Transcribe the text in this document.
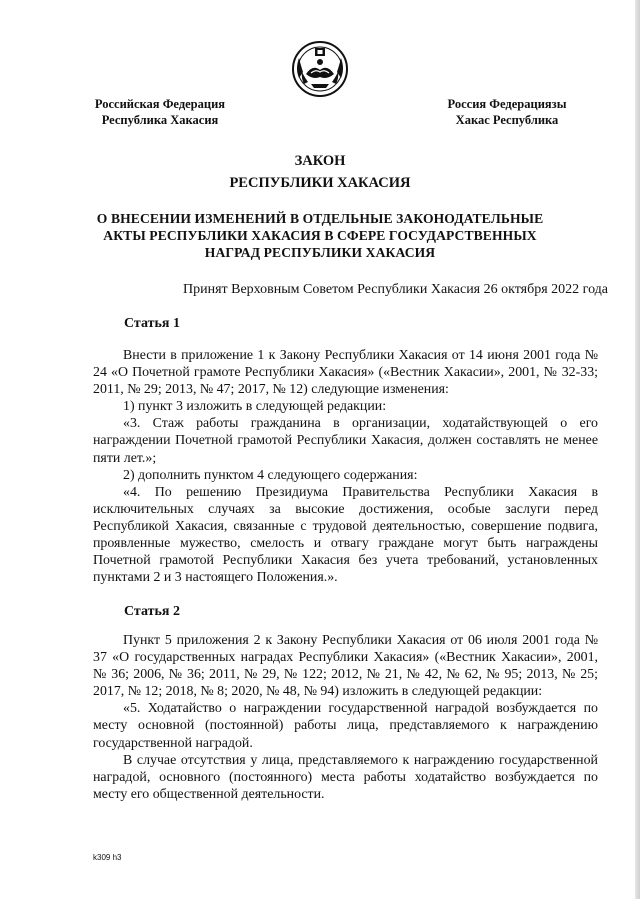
Российская Федерация
Республика Хакасия
Россия Федерациязы
Хакас Республика
ЗАКОН
РЕСПУБЛИКИ ХАКАСИЯ
О ВНЕСЕНИИ ИЗМЕНЕНИЙ В ОТДЕЛЬНЫЕ ЗАКОНОДАТЕЛЬНЫЕ
АКТЫ РЕСПУБЛИКИ ХАКАСИЯ В СФЕРЕ ГОСУДАРСТВЕННЫХ
НАГРАД РЕСПУБЛИКИ ХАКАСИЯ
Принят Верховным Советом Республики Хакасия 26 октября 2022 года
Статья 1

Внести в приложение 1 к Закону Республики Хакасия от 14 июня 2001 года № 24 «О Почетной грамоте Республики Хакасия» («Вестник Хакасии», 2001, № 32-33; 2011, № 29; 2013, № 47; 2017, № 12) следующие изменения:

1) пункт 3 изложить в следующей редакции:

«3. Стаж работы гражданина в организации, ходатайствующей о его награждении Почетной грамотой Республики Хакасия, должен составлять не менее пяти лет.»;

2) дополнить пунктом 4 следующего содержания:

«4. По решению Президиума Правительства Республики Хакасия в исключительных случаях за высокие достижения, особые заслуги перед Республикой Хакасия, связанные с трудовой деятельностью, совершение подвига, проявленные мужество, смелость и отвагу граждане могут быть награждены Почетной грамотой Республики Хакасия без учета требований, установленных пунктами 2 и 3 настоящего Положения.».

Статья 2

Пункт 5 приложения 2 к Закону Республики Хакасия от 06 июля 2001 года № 37 «О государственных наградах Республики Хакасия» («Вестник Хакасии», 2001, № 36; 2006, № 36; 2011, № 29, № 122; 2012, № 21, № 42, № 62, № 95; 2013, № 25; 2017, № 12; 2018, № 8; 2020, № 48, № 94) изложить в следующей редакции:

«5. Ходатайство о награждении государственной наградой возбуждается по месту основной (постоянной) работы лица, представляемого к награждению государственной наградой.

В случае отсутствия у лица, представляемого к награждению государственной наградой, основного (постоянного) места работы ходатайство возбуждается по месту его общественной деятельности.

k309 h3
